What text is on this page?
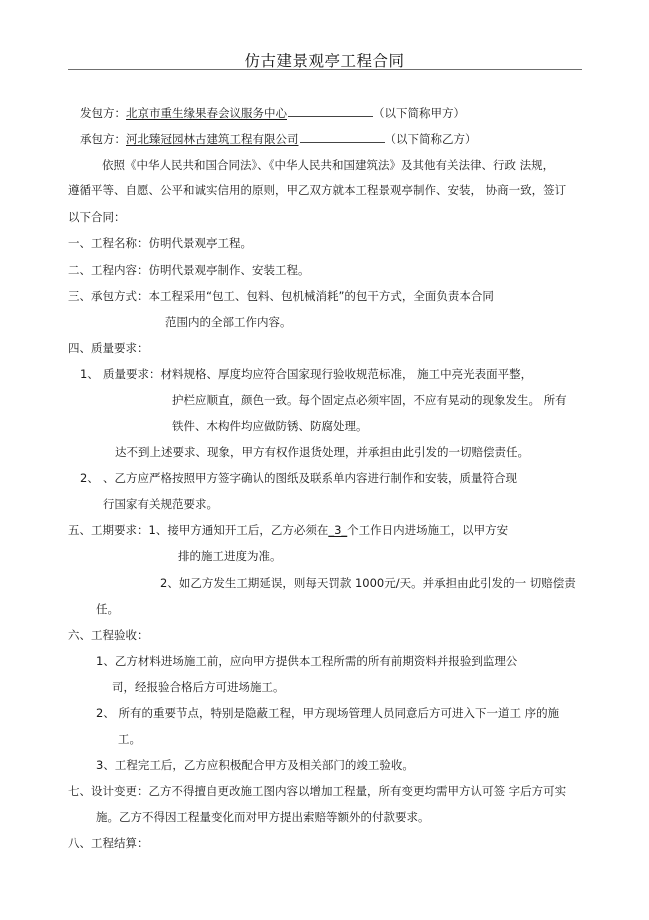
仿古建景观亭工程合同
发包方：北京市重生缘果春会议服务中心	（以下简称甲方）
承包方：河北臻冠园林古建筑工程有限公司	（以下简称乙方）
依照《中华人民共和国合同法》、《中华人民共和国建筑法》及其他有关法律、行政 法规，
遵循平等、自愿、公平和诚实信用的原则，甲乙双方就本工程景观亭制作、安装， 协商一致，签订
以下合同：
一、工程名称：仿明代景观亭工程。
二、工程内容：仿明代景观亭制作、安装工程。
三、承包方式：本工程采用“包工、包料、包机械消耗”的包干方式，全面负责本合同
范围内的全部工作内容。
四、质量要求：
1、 质量要求：材料规格、厚度均应符合国家现行验收规范标准， 施工中亮光表面平整，
护栏应顺直，颜色一致。每个固定点必须牢固，不应有晃动的现象发生。 所有
铁件、木构件均应做防锈、防腐处理。
达不到上述要求、现象，甲方有权作退货处理，并承担由此引发的一切赔偿责任。
2、 、乙方应严格按照甲方签字确认的图纸及联系单内容进行制作和安装，质量符合现
行国家有关规范要求。
五、工期要求：1、接甲方通知开工后，乙方必须在_3_个工作日内进场施工，以甲方安
排的施工进度为准。
2、如乙方发生工期延误，则每天罚款 1000元/天。并承担由此引发的一 切赔偿责
任。
六、工程验收：
1、乙方材料进场施工前，应向甲方提供本工程所需的所有前期资料并报验到监理公
司，经报验合格后方可进场施工。
2、 所有的重要节点，特别是隐蔽工程，甲方现场管理人员同意后方可进入下一道工 序的施
工。
3、工程完工后，乙方应积极配合甲方及相关部门的竣工验收。
七、设计变更：乙方不得擅自更改施工图内容以增加工程量，所有变更均需甲方认可签 字后方可实
施。乙方不得因工程量变化而对甲方提出索赔等额外的付款要求。
八、工程结算：
